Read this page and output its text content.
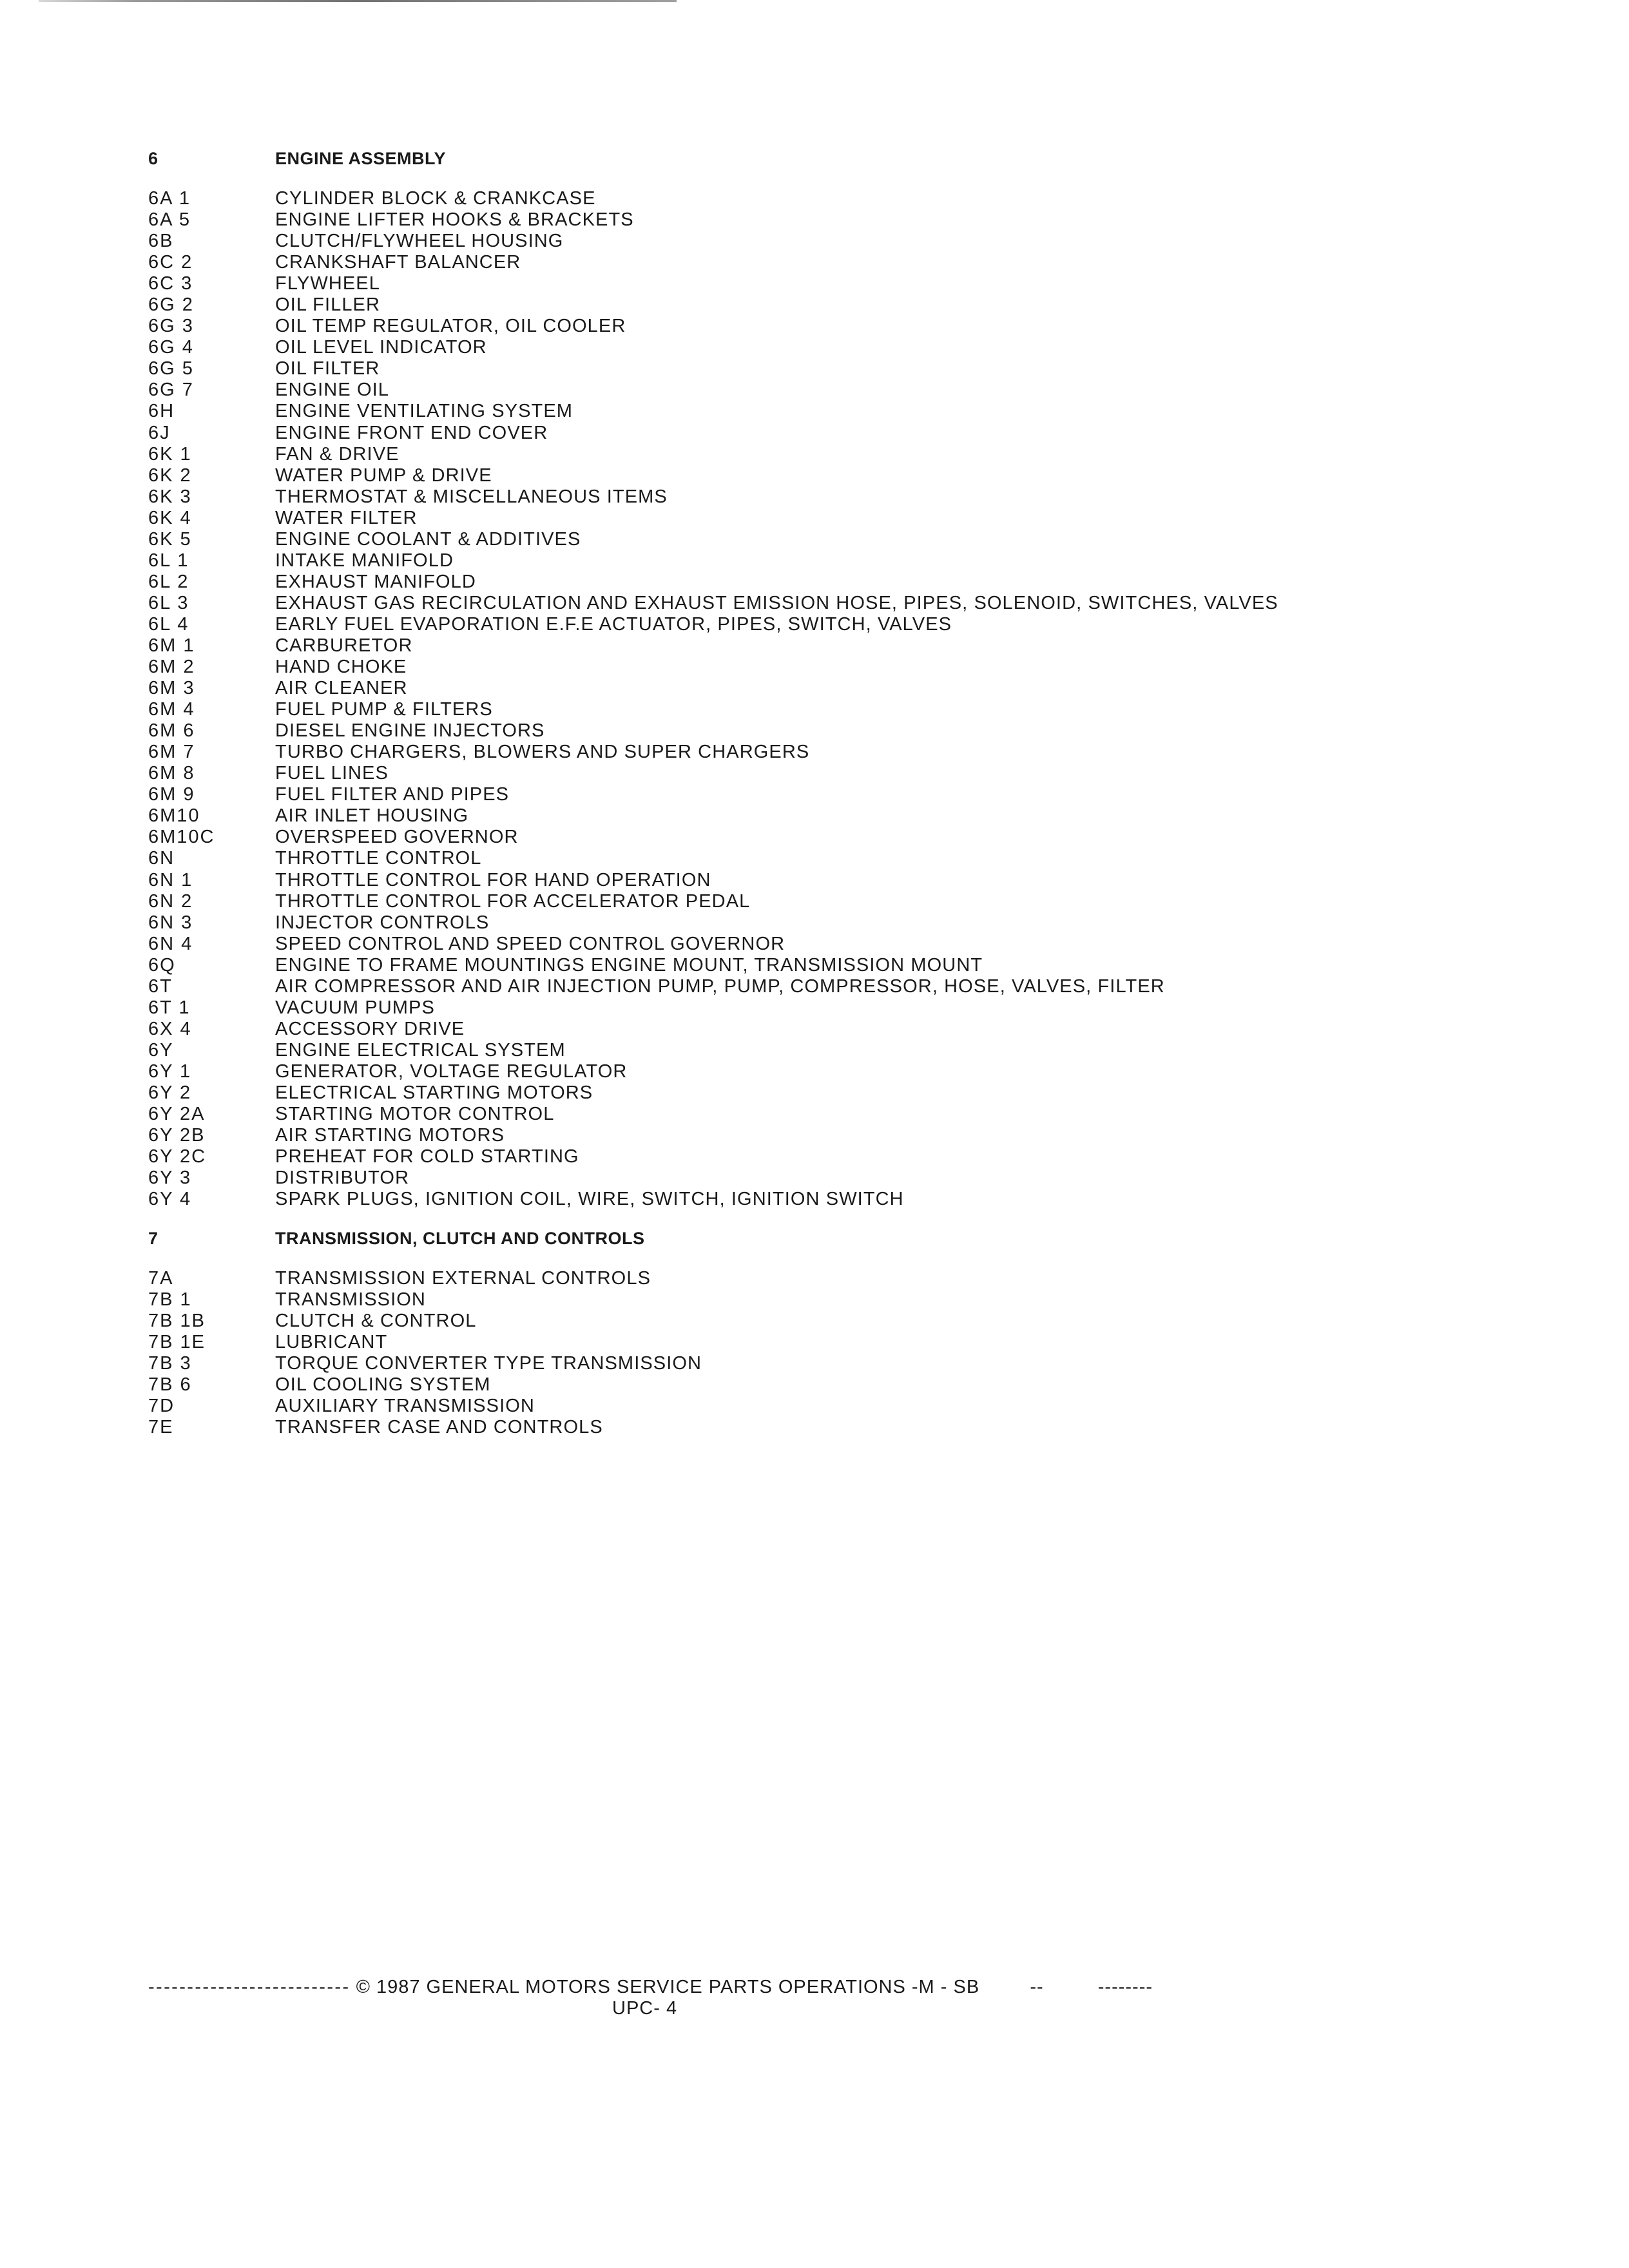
6	ENGINE ASSEMBLY
6A 1	CYLINDER BLOCK & CRANKCASE
6A 5	ENGINE LIFTER HOOKS & BRACKETS
6B	CLUTCH/FLYWHEEL HOUSING
6C 2	CRANKSHAFT BALANCER
6C 3	FLYWHEEL
6G 2	OIL FILLER
6G 3	OIL TEMP REGULATOR, OIL COOLER
6G 4	OIL LEVEL INDICATOR
6G 5	OIL FILTER
6G 7	ENGINE OIL
6H	ENGINE VENTILATING SYSTEM
6J	ENGINE FRONT END COVER
6K 1	FAN & DRIVE
6K 2	WATER PUMP & DRIVE
6K 3	THERMOSTAT & MISCELLANEOUS ITEMS
6K 4	WATER FILTER
6K 5	ENGINE COOLANT & ADDITIVES
6L 1	INTAKE MANIFOLD
6L 2	EXHAUST MANIFOLD
6L 3	EXHAUST GAS RECIRCULATION AND EXHAUST EMISSION HOSE, PIPES, SOLENOID, SWITCHES, VALVES
6L 4	EARLY FUEL EVAPORATION E.F.E ACTUATOR, PIPES, SWITCH, VALVES
6M 1	CARBURETOR
6M 2	HAND CHOKE
6M 3	AIR CLEANER
6M 4	FUEL PUMP & FILTERS
6M 6	DIESEL ENGINE INJECTORS
6M 7	TURBO CHARGERS, BLOWERS AND SUPER CHARGERS
6M 8	FUEL LINES
6M 9	FUEL FILTER AND PIPES
6M10	AIR INLET HOUSING
6M10C	OVERSPEED GOVERNOR
6N	THROTTLE CONTROL
6N 1	THROTTLE CONTROL FOR HAND OPERATION
6N 2	THROTTLE CONTROL FOR ACCELERATOR PEDAL
6N 3	INJECTOR CONTROLS
6N 4	SPEED CONTROL AND SPEED CONTROL GOVERNOR
6Q	ENGINE TO FRAME MOUNTINGS ENGINE MOUNT, TRANSMISSION MOUNT
6T	AIR COMPRESSOR AND AIR INJECTION PUMP, PUMP, COMPRESSOR, HOSE, VALVES, FILTER
6T 1	VACUUM PUMPS
6X 4	ACCESSORY DRIVE
6Y	ENGINE ELECTRICAL SYSTEM
6Y 1	GENERATOR, VOLTAGE REGULATOR
6Y 2	ELECTRICAL STARTING MOTORS
6Y 2A	STARTING MOTOR CONTROL
6Y 2B	AIR STARTING MOTORS
6Y 2C	PREHEAT FOR COLD STARTING
6Y 3	DISTRIBUTOR
6Y 4	SPARK PLUGS, IGNITION COIL, WIRE, SWITCH, IGNITION SWITCH
7	TRANSMISSION, CLUTCH AND CONTROLS
7A	TRANSMISSION EXTERNAL CONTROLS
7B 1	TRANSMISSION
7B 1B	CLUTCH & CONTROL
7B 1E	LUBRICANT
7B 3	TORQUE CONVERTER TYPE TRANSMISSION
7B 6	OIL COOLING SYSTEM
7D	AUXILIARY TRANSMISSION
7E	TRANSFER CASE AND CONTROLS
-------------------------- © 1987 GENERAL MOTORS SERVICE PARTS OPERATIONS -M - SB	--	--------
UPC- 4
